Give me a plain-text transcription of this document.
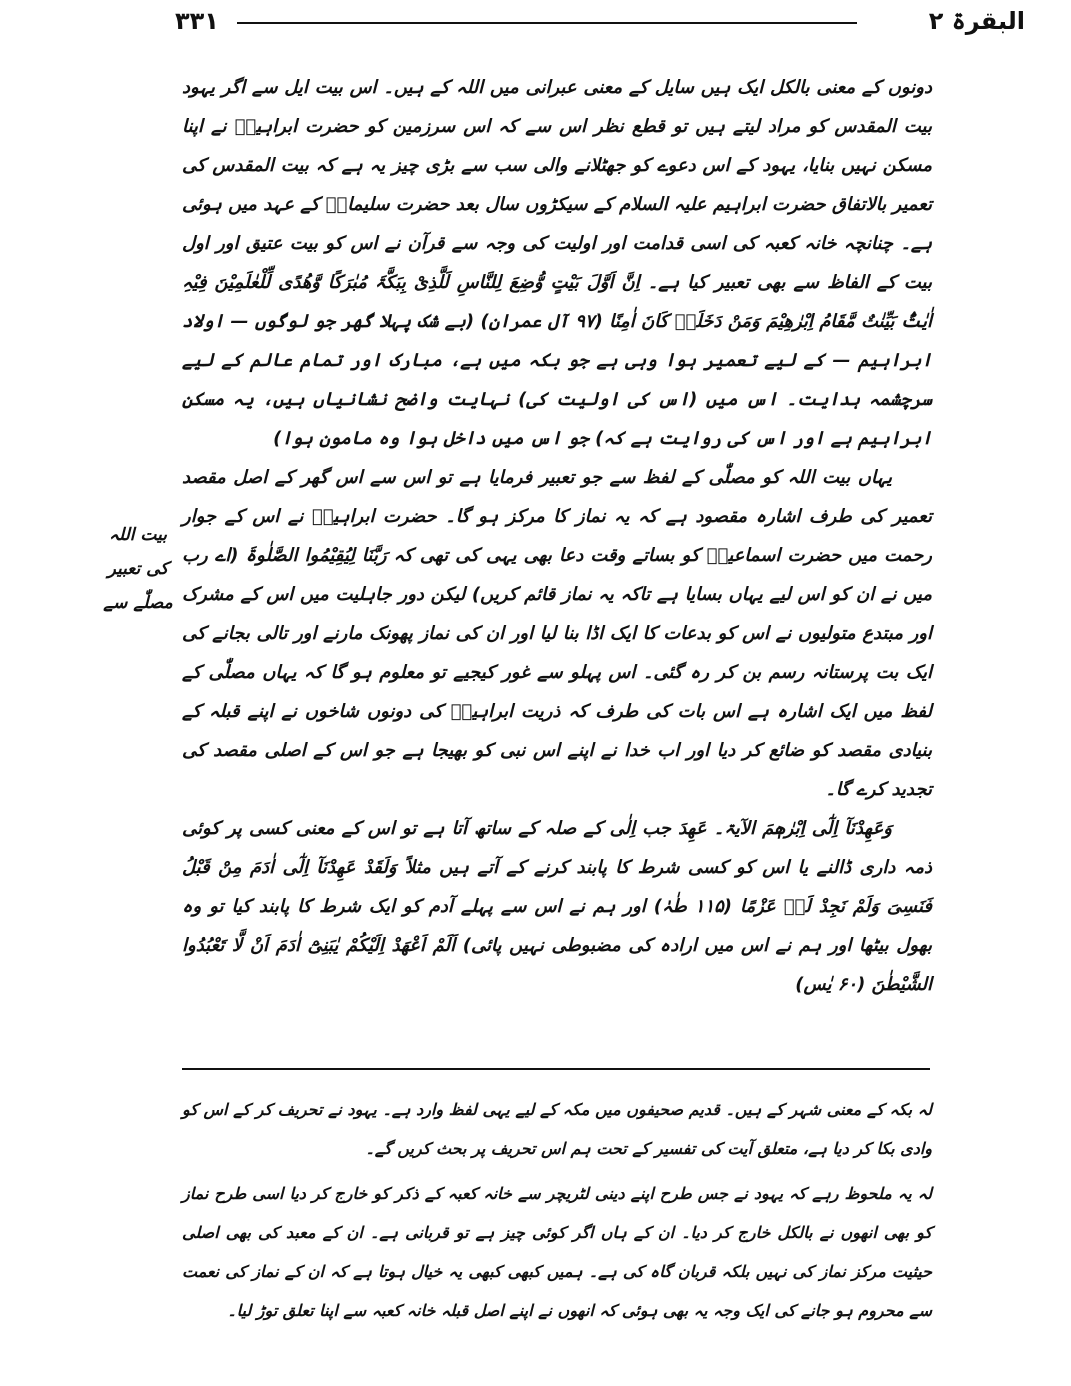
۳۳۱	البقرۃ ۲

دونوں کے معنی بالکل ایک ہیں سایل کے معنی عبرانی میں اللہ کے ہیں۔ اس بیت ایل سے اگر یہود بیت المقدس کو مراد لیتے ہیں تو قطع نظر اس سے کہ اس سرزمین کو حضرت ابراہیمؑ نے اپنا مسکن نہیں بنایا، یہود کے اس دعوے کو جھٹلانے والی سب سے بڑی چیز یہ ہے کہ بیت المقدس کی تعمیر بالاتفاق حضرت ابراہیم علیہ السلام کے سیکڑوں سال بعد حضرت سلیمانؑ کے عہد میں ہوئی ہے۔ چنانچہ خانہ کعبہ کی اسی قدامت اور اولیت کی وجہ سے قرآن نے اس کو بیت عتیق اور اول بیت کے الفاظ سے بھی تعبیر کیا ہے۔ اِنَّ اَوَّلَ بَیْتٍ وُّضِعَ لِلنَّاسِ لَلَّذِیْ بِبَکَّۃَ مُبٰرَکًا وَّھُدًی لِّلْعٰلَمِیْنَ فِیْہِ اٰیٰتٌۢ بَیِّنٰتٌ مَّقَامُ اِبْرٰھِیْمَ وَمَنْ دَخَلَہٗ کَانَ اٰمِنًا (۹۷ آل عمران) (بے شک پہلا گھر جو لوگوں — اولاد ابراہیم — کے لیے تعمیر ہوا وہی ہے جو بکہ میں ہے، مبارک اور تمام عالم کے لیے سرچشمہ ہدایت۔ اس میں (اس کی اولیت کی) نہایت واضح نشانیاں ہیں، یہ مسکن ابراہیم ہے اور اس کی روایت ہے کہ) جو اس میں داخل ہوا وہ مامون ہوا)

یہاں بیت اللہ کو مصلّٰی کے لفظ سے جو تعبیر فرمایا ہے تو اس سے اس گھر کے اصل مقصد تعمیر کی طرف اشارہ مقصود ہے کہ یہ نماز کا مرکز ہو گا۔ حضرت ابراہیمؑ نے اس کے جوار رحمت میں حضرت اسماعیلؑ کو بساتے وقت دعا بھی یہی کی تھی کہ رَبَّنَا لِیُقِیْمُوا الصَّلٰوۃَ (اے رب میں نے ان کو اس لیے یہاں بسایا ہے تاکہ یہ نماز قائم کریں) لیکن دور جاہلیت میں اس کے مشرک اور مبتدع متولیوں نے اس کو بدعات کا ایک اڈا بنا لیا اور ان کی نماز پھونک مارنے اور تالی بجانے کی ایک بت پرستانہ رسم بن کر رہ گئی۔ اس پہلو سے غور کیجیے تو معلوم ہو گا کہ یہاں مصلّٰی کے لفظ میں ایک اشارہ ہے اس بات کی طرف کہ ذریت ابراہیمؑ کی دونوں شاخوں نے اپنے قبلہ کے بنیادی مقصد کو ضائع کر دیا اور اب خدا نے اپنے اس نبی کو بھیجا ہے جو اس کے اصلی مقصد کی تجدید کرے گا۔

وَعَھِدْنَآ اِلٰٓی اِبْرٰھٖمَ الآیۃ۔ عَھِدَ جب اِلٰی کے صلہ کے ساتھ آتا ہے تو اس کے معنی کسی پر کوئی ذمہ داری ڈالنے یا اس کو کسی شرط کا پابند کرنے کے آتے ہیں مثلاً وَلَقَدْ عَھِدْنَآ اِلٰٓی اٰدَمَ مِنْ قَبْلُ فَنَسِیَ وَلَمْ نَجِدْ لَہٗ عَزْمًا (۱۱۵ طٰہٰ) اور ہم نے اس سے پہلے آدم کو ایک شرط کا پابند کیا تو وہ بھول بیٹھا اور ہم نے اس میں ارادہ کی مضبوطی نہیں پائی) اَلَمْ اَعْھَدْ اِلَیْکُمْ یٰبَنِیْٓ اٰدَمَ اَنْ لَّا تَعْبُدُوا الشَّیْطٰنَ (۶۰ یٰس)

بیت اللہ
کی تعبیر
مصلّٰے سے

لہ بکہ کے معنی شہر کے ہیں۔ قدیم صحیفوں میں مکہ کے لیے یہی لفظ وارد ہے۔ یہود نے تحریف کر کے اس کو وادی بکا کر دیا ہے، متعلق آیت کی تفسیر کے تحت ہم اس تحریف پر بحث کریں گے۔

لہ یہ ملحوظ رہے کہ یہود نے جس طرح اپنے دینی لٹریچر سے خانہ کعبہ کے ذکر کو خارج کر دیا اسی طرح نماز کو بھی انھوں نے بالکل خارج کر دیا۔ ان کے ہاں اگر کوئی چیز ہے تو قربانی ہے۔ ان کے معبد کی بھی اصلی حیثیت مرکز نماز کی نہیں بلکہ قربان گاہ کی ہے۔ ہمیں کبھی کبھی یہ خیال ہوتا ہے کہ ان کے نماز کی نعمت سے محروم ہو جانے کی ایک وجہ یہ بھی ہوئی کہ انھوں نے اپنے اصل قبلہ خانہ کعبہ سے اپنا تعلق توڑ لیا۔
